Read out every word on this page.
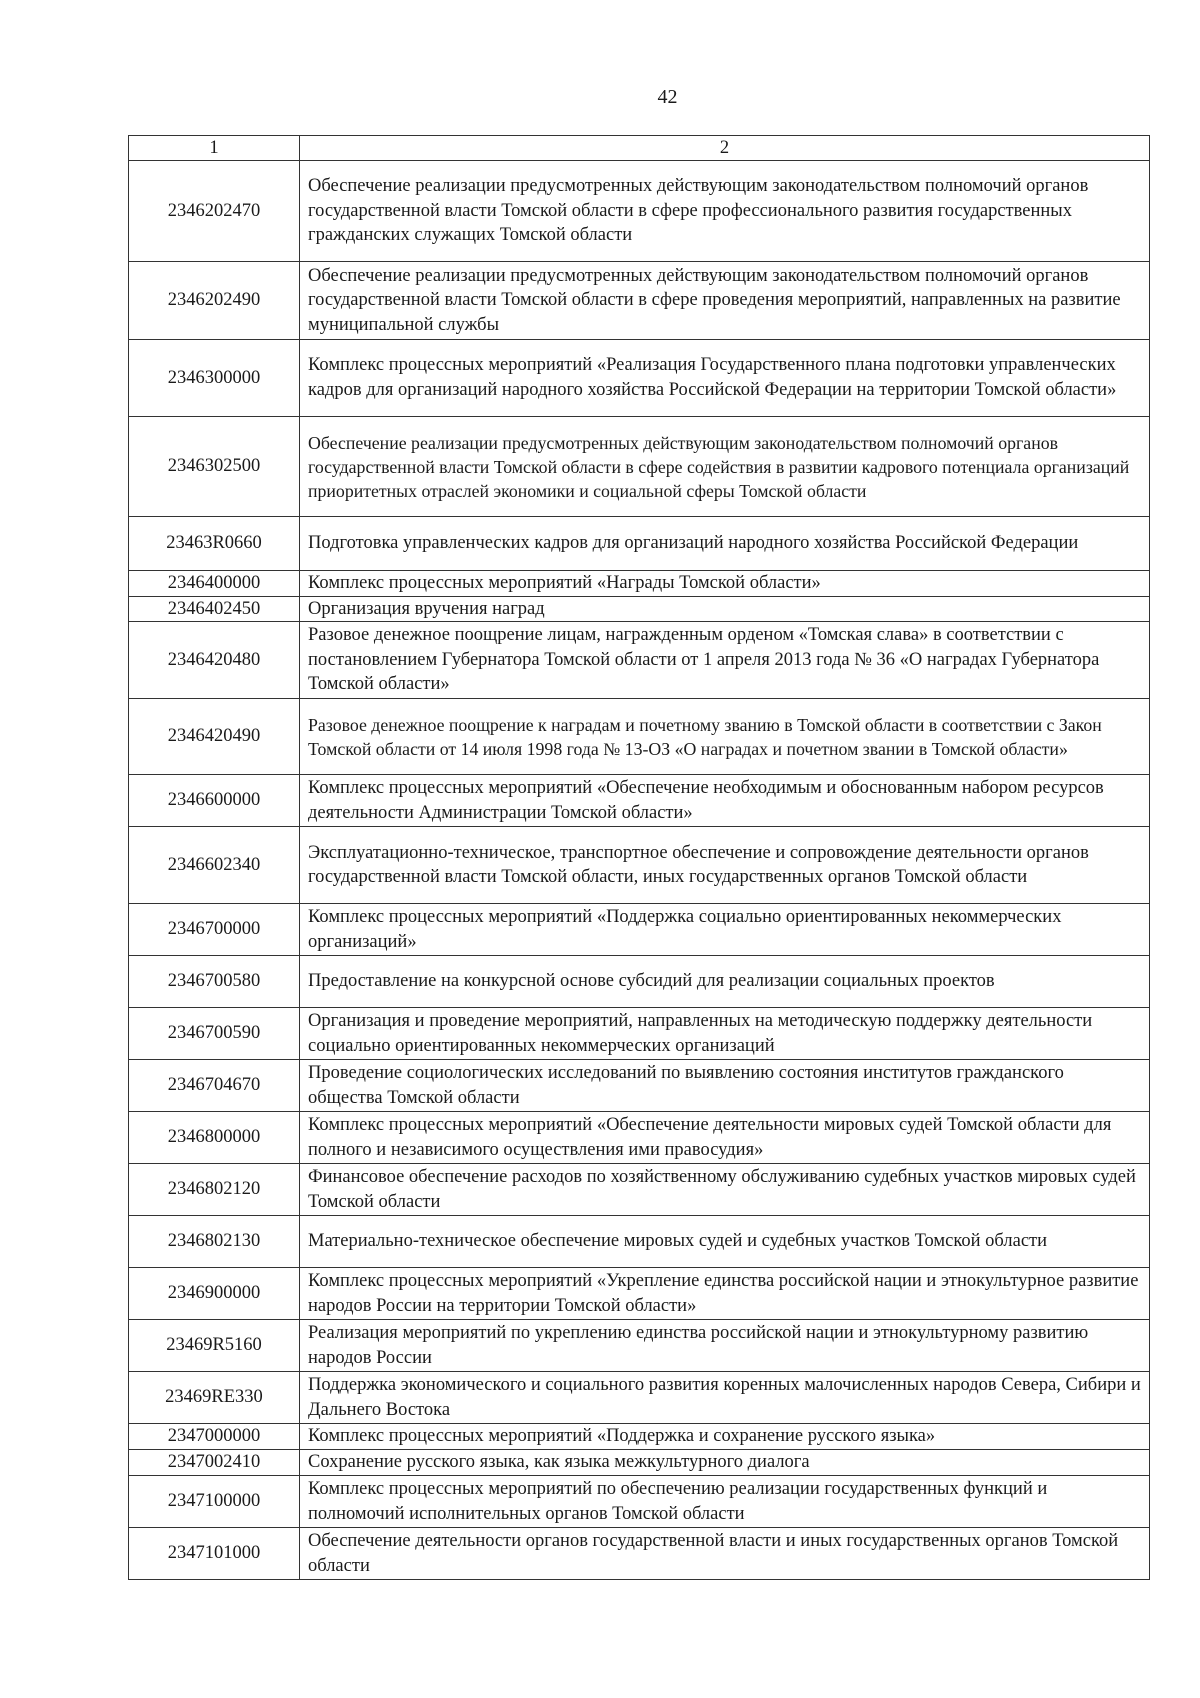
42
1	2
2346202470	Обеспечение реализации предусмотренных действующим законодательством полномочий органов государственной власти Томской области в сфере профессионального развития государственных гражданских служащих Томской области
2346202490	Обеспечение реализации предусмотренных действующим законодательством полномочий органов государственной власти Томской области в сфере проведения мероприятий, направленных на развитие муниципальной службы
2346300000	Комплекс процессных мероприятий «Реализация Государственного плана подготовки управленческих кадров для организаций народного хозяйства Российской Федерации на территории Томской области»
2346302500	Обеспечение реализации предусмотренных действующим законодательством полномочий органов государственной власти Томской области в сфере содействия в развитии кадрового потенциала организаций приоритетных отраслей экономики и социальной сферы Томской области
23463R0660	Подготовка управленческих кадров для организаций народного хозяйства Российской Федерации
2346400000	Комплекс процессных мероприятий «Награды Томской области»
2346402450	Организация вручения наград
2346420480	Разовое денежное поощрение лицам, награжденным орденом «Томская слава» в соответствии с постановлением Губернатора Томской области от 1 апреля 2013 года № 36 «О наградах Губернатора Томской области»
2346420490	Разовое денежное поощрение к наградам и почетному званию в Томской области в соответствии с Закон Томской области от 14 июля 1998 года № 13-ОЗ «О наградах и почетном звании в Томской области»
2346600000	Комплекс процессных мероприятий «Обеспечение необходимым и обоснованным набором ресурсов деятельности Администрации Томской области»
2346602340	Эксплуатационно-техническое, транспортное обеспечение и сопровождение деятельности органов государственной власти Томской области, иных государственных органов Томской области
2346700000	Комплекс процессных мероприятий «Поддержка социально ориентированных некоммерческих организаций»
2346700580	Предоставление на конкурсной основе субсидий для реализации социальных проектов
2346700590	Организация и проведение мероприятий, направленных на методическую поддержку деятельности социально ориентированных некоммерческих организаций
2346704670	Проведение социологических исследований по выявлению состояния институтов гражданского общества Томской области
2346800000	Комплекс процессных мероприятий «Обеспечение деятельности мировых судей Томской области для полного и независимого осуществления ими правосудия»
2346802120	Финансовое обеспечение расходов по хозяйственному обслуживанию судебных участков мировых судей Томской области
2346802130	Материально-техническое обеспечение мировых судей и судебных участков Томской области
2346900000	Комплекс процессных мероприятий «Укрепление единства российской нации и этнокультурное развитие народов России на территории Томской области»
23469R5160	Реализация мероприятий по укреплению единства российской нации и этнокультурному развитию народов России
23469RE330	Поддержка экономического и социального развития коренных малочисленных народов Севера, Сибири и Дальнего Востока
2347000000	Комплекс процессных мероприятий «Поддержка и сохранение русского языка»
2347002410	Сохранение русского языка, как языка межкультурного диалога
2347100000	Комплекс процессных мероприятий по обеспечению реализации государственных функций и полномочий исполнительных органов Томской области
2347101000	Обеспечение деятельности органов государственной власти и иных государственных органов Томской области
